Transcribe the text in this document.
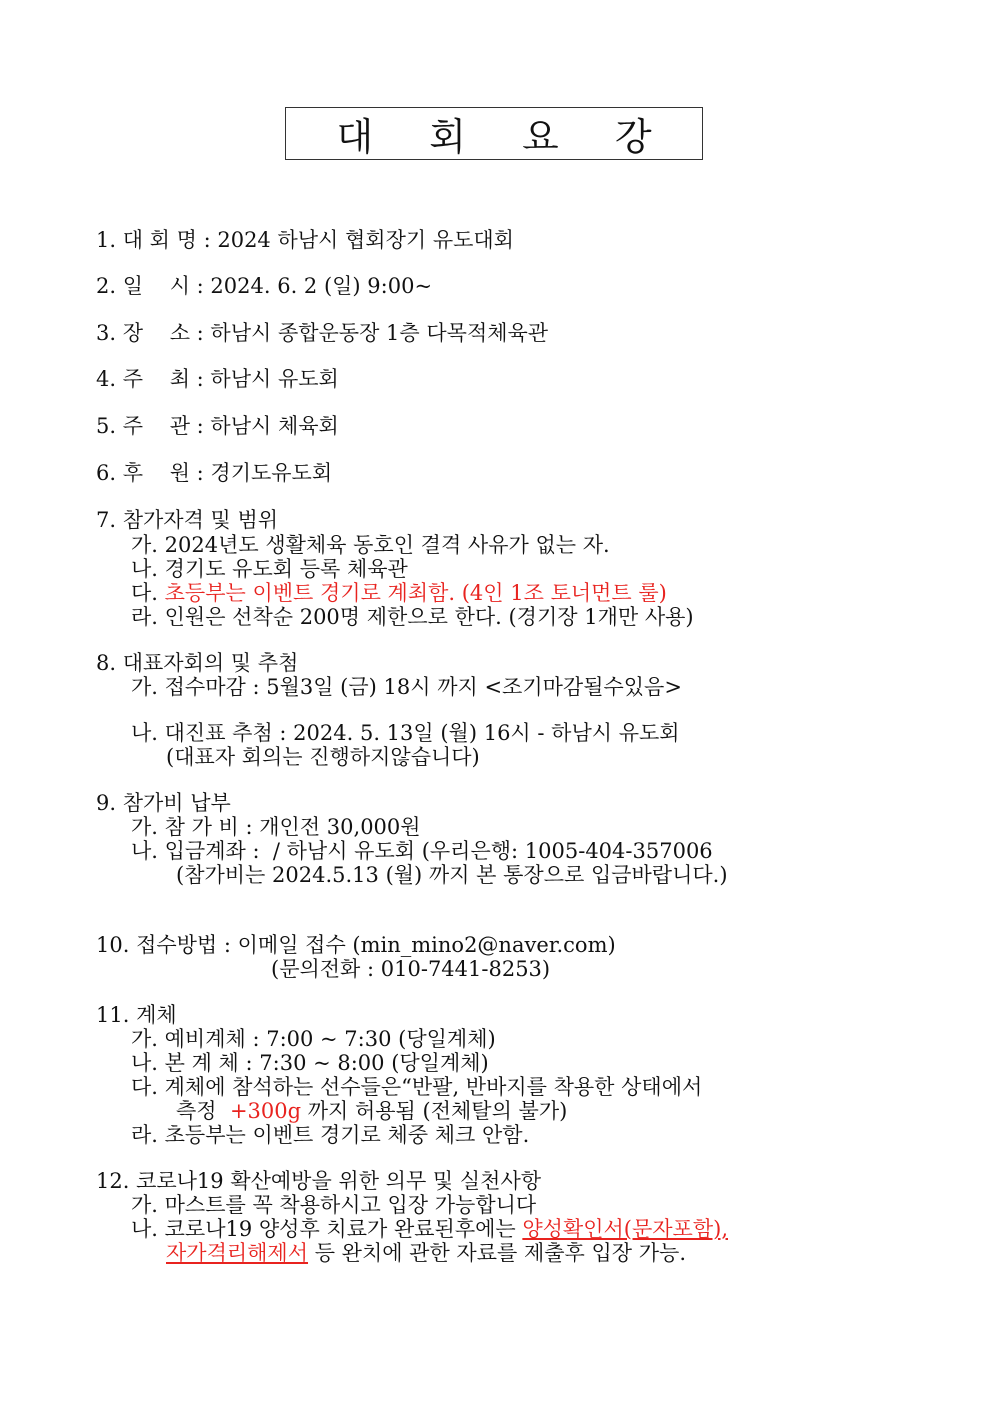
대 회 요 강
1. 대 회 명 : 2024 하남시 협회장기 유도대회
2. 일    시 : 2024. 6. 2 (일) 9:00~
3. 장    소 : 하남시 종합운동장 1층 다목적체육관
4. 주    최 : 하남시 유도회
5. 주    관 : 하남시 체육회
6. 후    원 : 경기도유도회
7. 참가자격 및 범위
가. 2024년도 생활체육 동호인 결격 사유가 없는 자.
나. 경기도 유도회 등록 체육관
다. 초등부는 이벤트 경기로 계최함. (4인 1조 토너먼트 룰)
라. 인원은 선착순 200명 제한으로 한다. (경기장 1개만 사용)
8. 대표자회의 및 추첨
가. 접수마감 : 5월3일 (금) 18시 까지 <조기마감될수있음>
나. 대진표 추첨 : 2024. 5. 13일 (월) 16시 - 하남시 유도회
(대표자 회의는 진행하지않습니다)
9. 참가비 납부
가. 참 가 비 : 개인전 30,000원
나. 입금계좌 :  / 하남시 유도회 (우리은행: 1005-404-357006
(참가비는 2024.5.13 (월) 까지 본 통장으로 입금바랍니다.)
10. 접수방법 : 이메일 접수 (min_mino2@naver.com)
(문의전화 : 010-7441-8253)
11. 계체
가. 예비계체 : 7:00 ~ 7:30 (당일계체)
나. 본 계 체 : 7:30 ~ 8:00 (당일계체)
다. 계체에 참석하는 선수들은“반팔, 반바지를 착용한 상태에서
측정  +300g 까지 허용됨 (전체탈의 불가)
라. 초등부는 이벤트 경기로 체중 체크 안함.
12. 코로나19 확산예방을 위한 의무 및 실천사항
가. 마스트를 꼭 착용하시고 입장 가능합니다
나. 코로나19 양성후 치료가 완료된후에는 양성확인서(문자포함),
자가격리해제서 등 완치에 관한 자료를 제출후 입장 가능.
